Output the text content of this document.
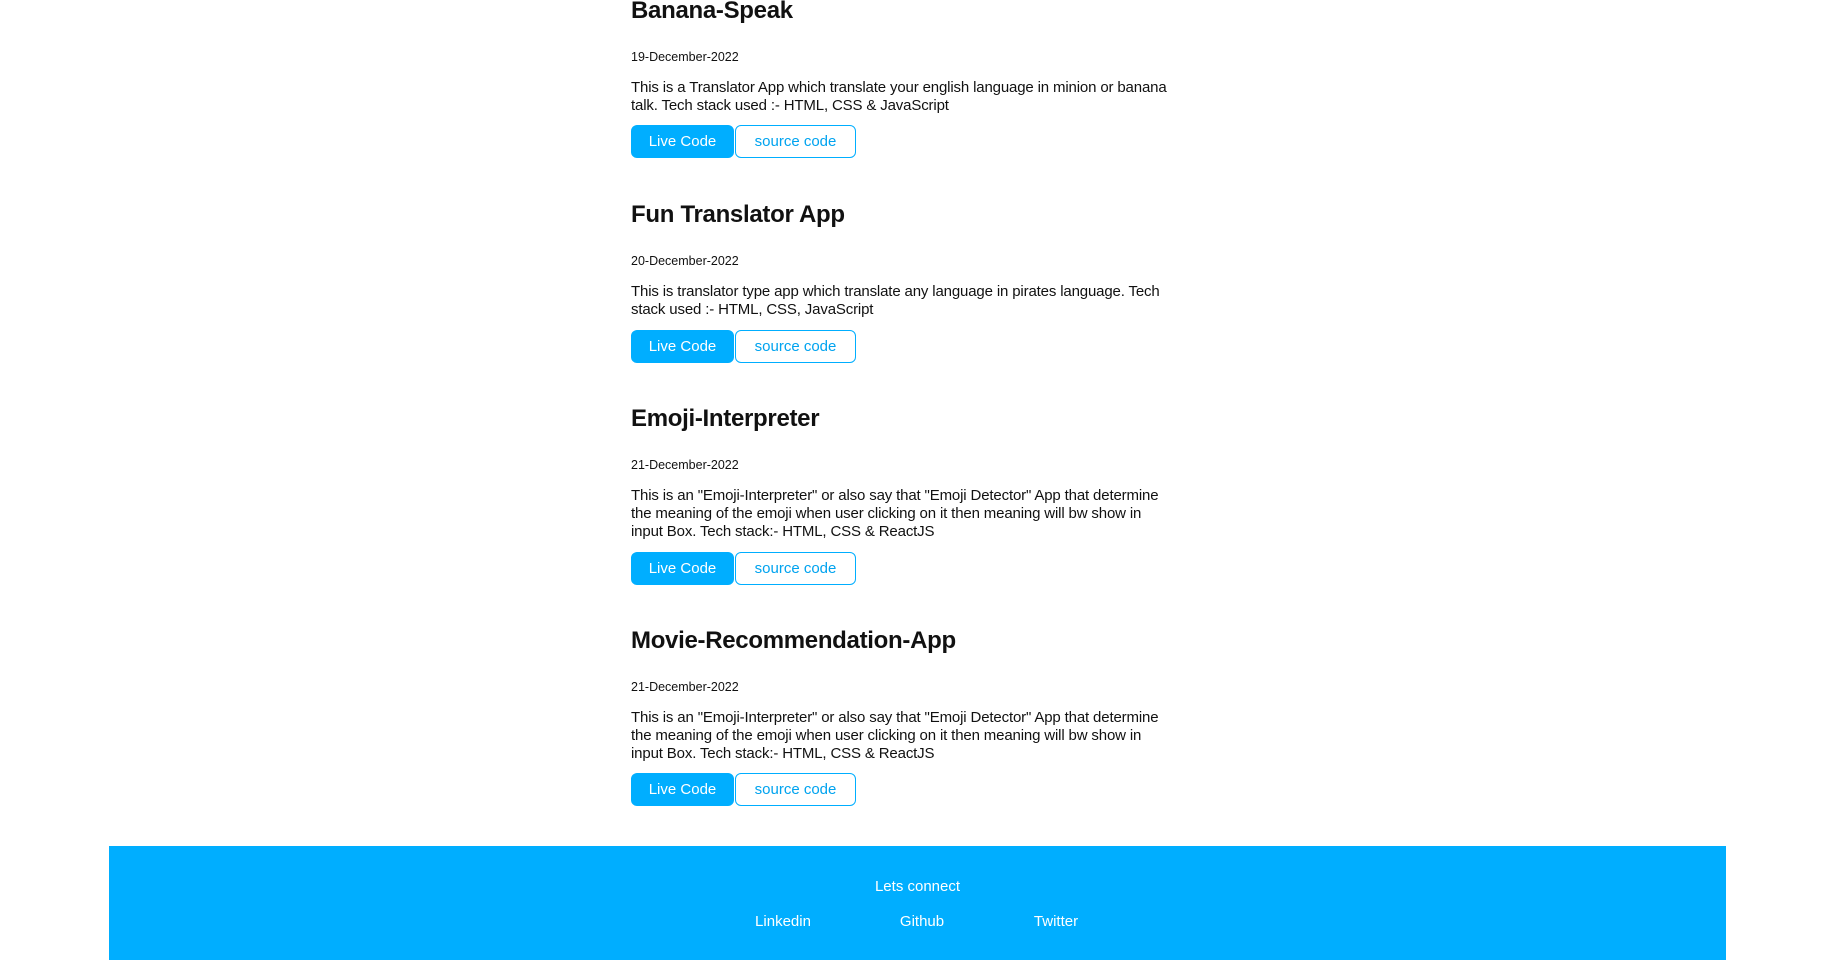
Banana-Speak

19-December-2022

This is a Translator App which translate your english language in minion or banana
talk. Tech stack used :- HTML, CSS & JavaScript

Live Code	source code
Fun Translator App

20-December-2022

This is translator type app which translate any language in pirates language. Tech
stack used :- HTML, CSS, JavaScript

Live Code	source code
Emoji-Interpreter

21-December-2022

This is an "Emoji-Interpreter" or also say that "Emoji Detector" App that determine
the meaning of the emoji when user clicking on it then meaning will bw show in
input Box. Tech stack:- HTML, CSS & ReactJS

Live Code	source code
Movie-Recommendation-App

21-December-2022

This is an "Emoji-Interpreter" or also say that "Emoji Detector" App that determine
the meaning of the emoji when user clicking on it then meaning will bw show in
input Box. Tech stack:- HTML, CSS & ReactJS

Live Code	source code

Lets connect

Linkedin	Github	Twitter
